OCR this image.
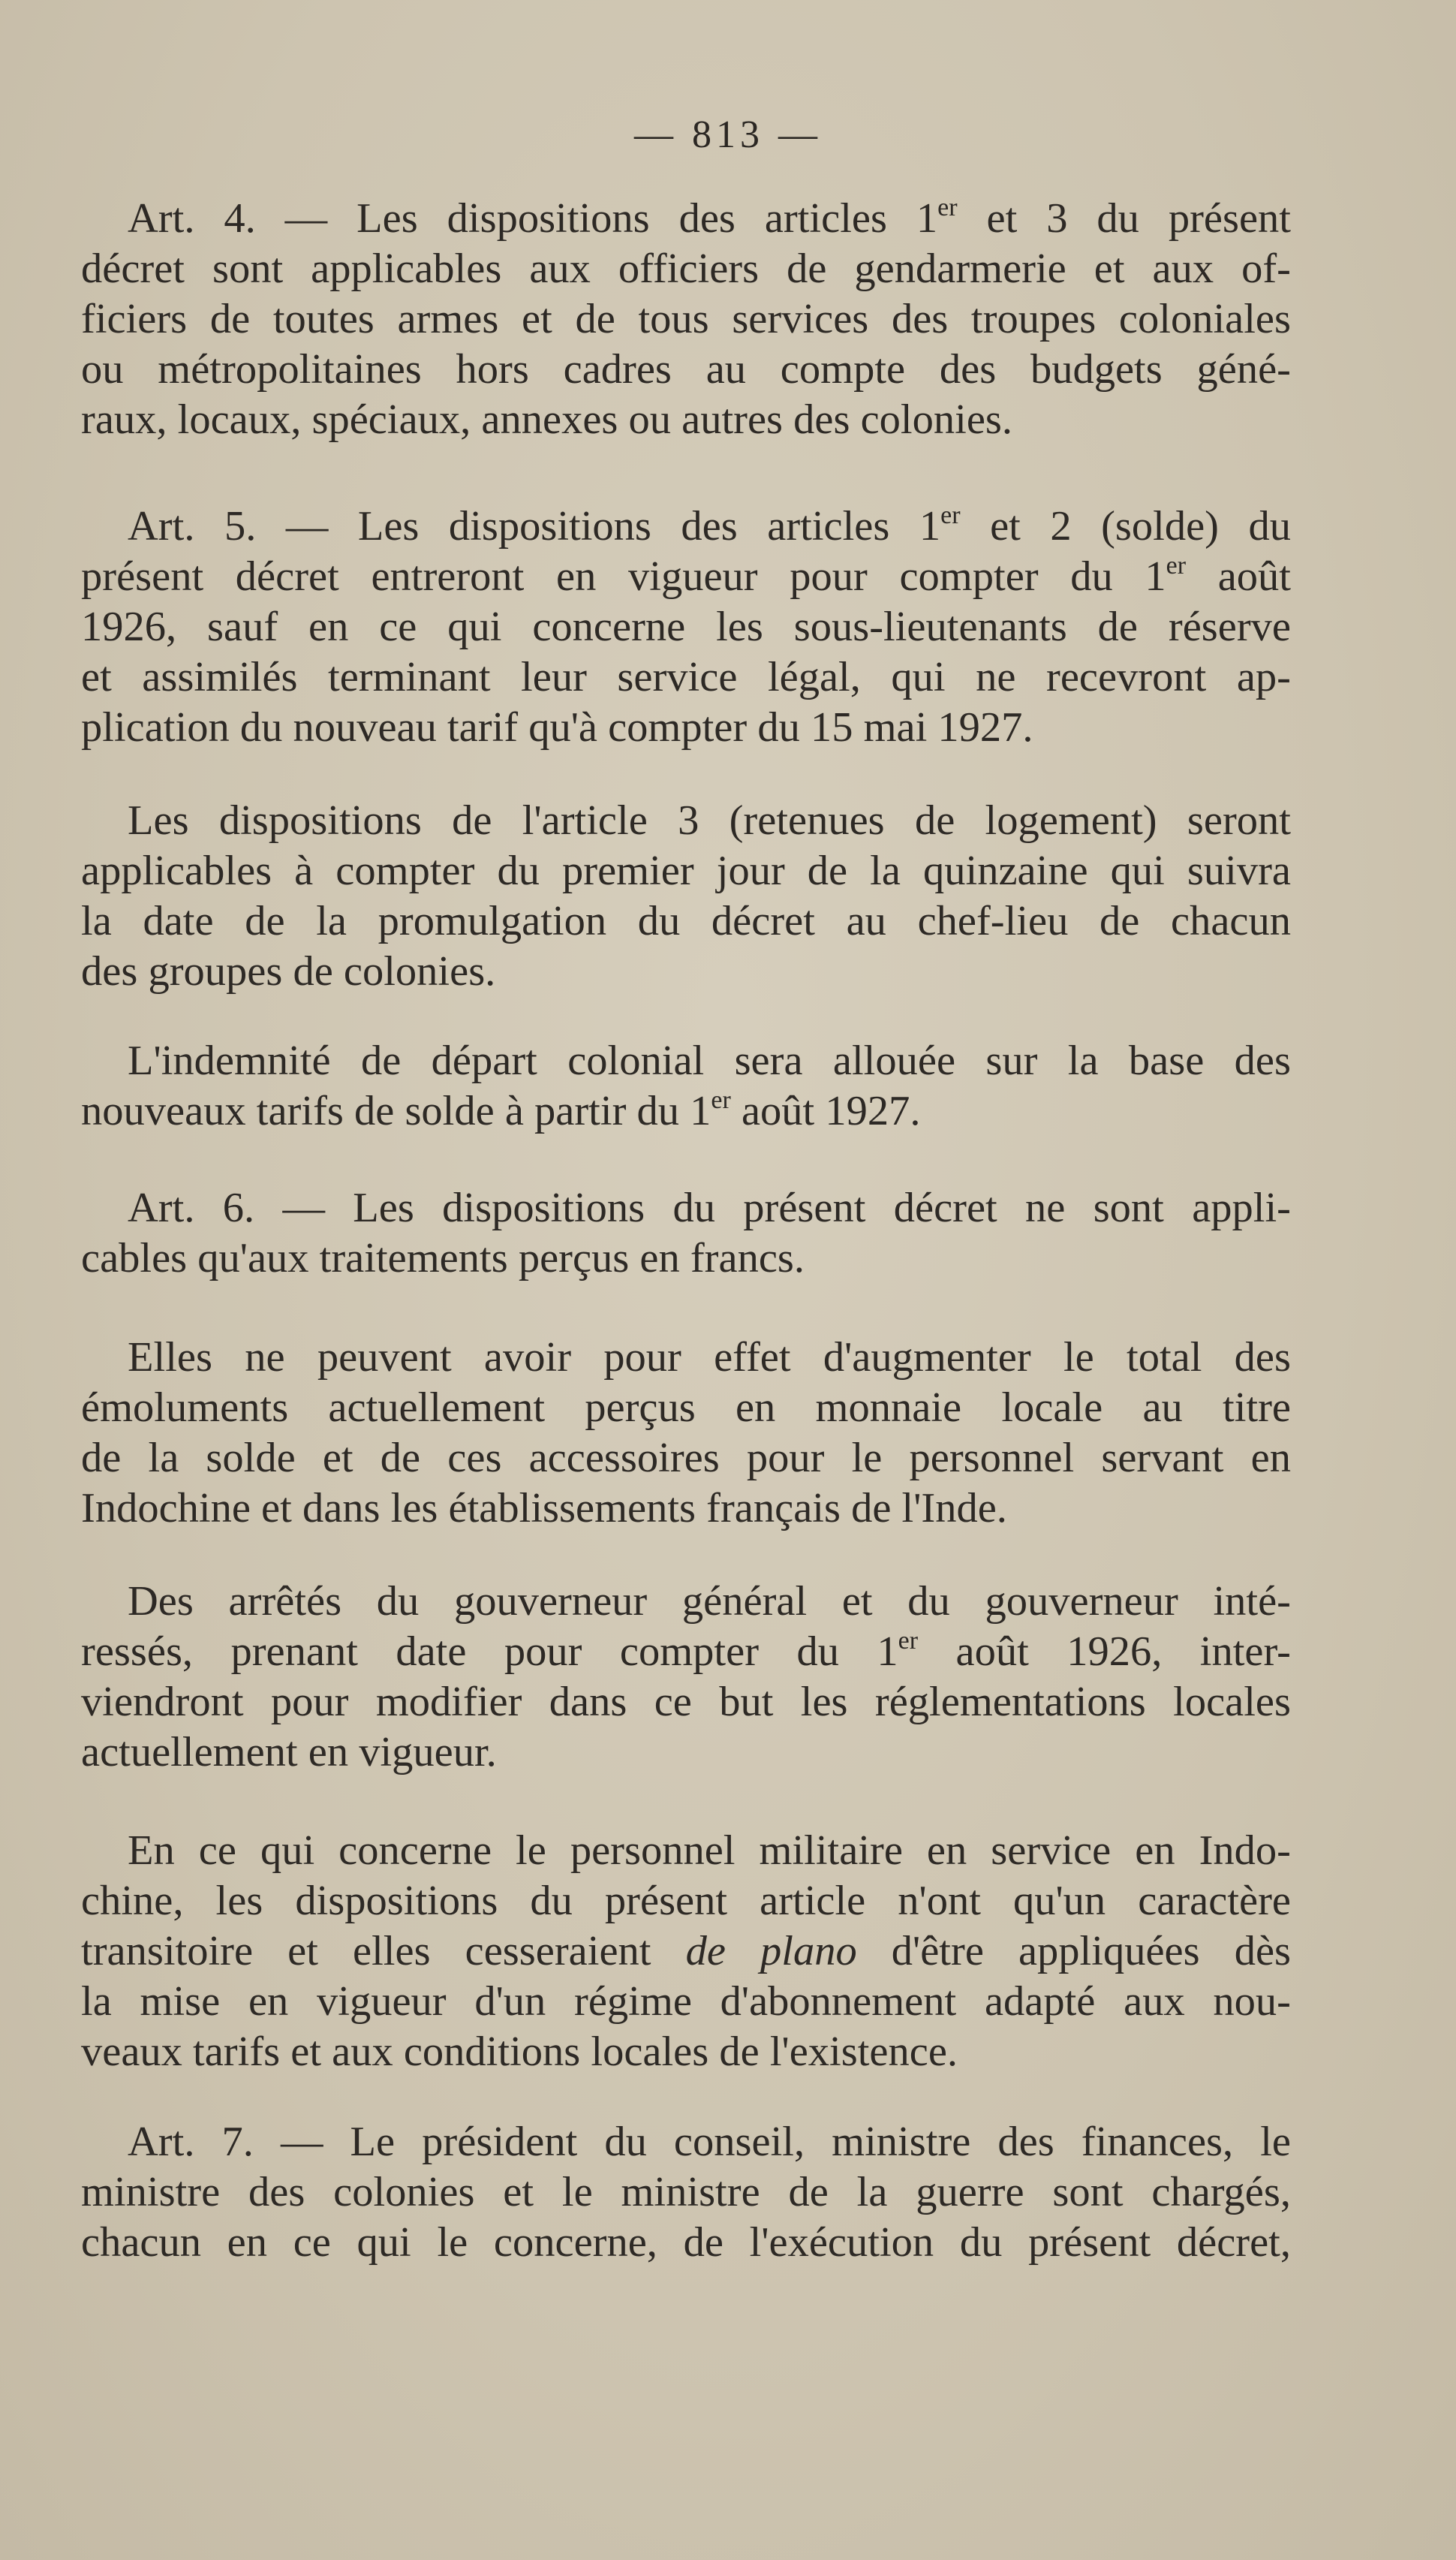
— 813 —
Art. 4. — Les dispositions des articles 1er et 3 du présent
décret sont applicables aux officiers de gendarmerie et aux of-
ficiers de toutes armes et de tous services des troupes coloniales
ou métropolitaines hors cadres au compte des budgets géné-
raux, locaux, spéciaux, annexes ou autres des colonies.
Art. 5. — Les dispositions des articles 1er et 2 (solde) du
présent décret entreront en vigueur pour compter du 1er août
1926, sauf en ce qui concerne les sous-lieutenants de réserve
et assimilés terminant leur service légal, qui ne recevront ap-
plication du nouveau tarif qu'à compter du 15 mai 1927.
Les dispositions de l'article 3 (retenues de logement) seront
applicables à compter du premier jour de la quinzaine qui suivra
la date de la promulgation du décret au chef-lieu de chacun
des groupes de colonies.
L'indemnité de départ colonial sera allouée sur la base des
nouveaux tarifs de solde à partir du 1er août 1927.
Art. 6. — Les dispositions du présent décret ne sont appli-
cables qu'aux traitements perçus en francs.
Elles ne peuvent avoir pour effet d'augmenter le total des
émoluments actuellement perçus en monnaie locale au titre
de la solde et de ces accessoires pour le personnel servant en
Indochine et dans les établissements français de l'Inde.
Des arrêtés du gouverneur général et du gouverneur inté-
ressés, prenant date pour compter du 1er août 1926, inter-
viendront pour modifier dans ce but les réglementations locales
actuellement en vigueur.
En ce qui concerne le personnel militaire en service en Indo-
chine, les dispositions du présent article n'ont qu'un caractère
transitoire et elles cesseraient de plano d'être appliquées dès
la mise en vigueur d'un régime d'abonnement adapté aux nou-
veaux tarifs et aux conditions locales de l'existence.
Art. 7. — Le président du conseil, ministre des finances, le
ministre des colonies et le ministre de la guerre sont chargés,
chacun en ce qui le concerne, de l'exécution du présent décret,
